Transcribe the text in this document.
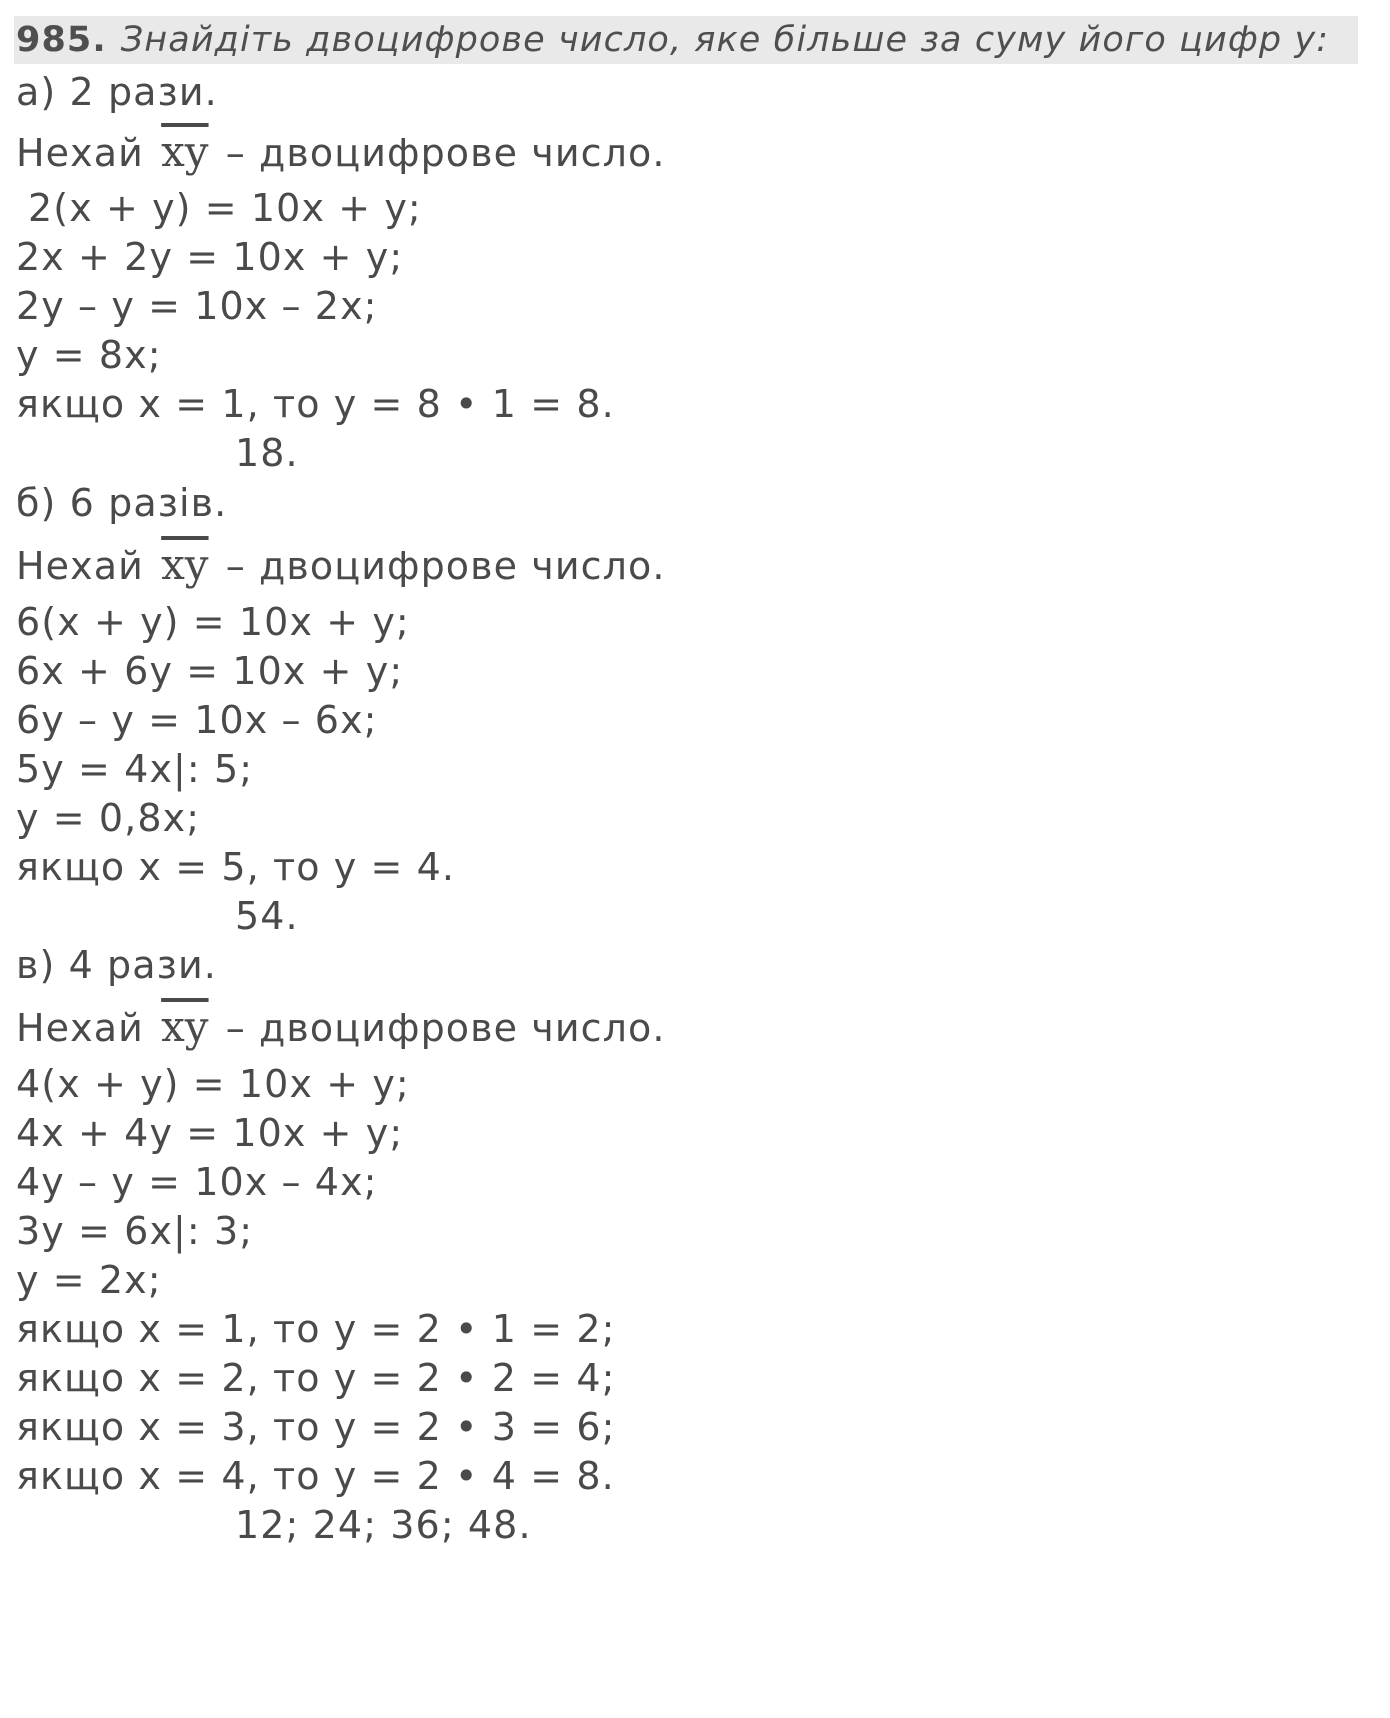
985. Знайдіть двоцифрове число, яке більше за суму його цифр у:
а) 2 рази.
Нехай $\overline{xy}$ – двоцифрове число.
2(x + y) = 10x + y;
2x + 2y = 10x + y;
2y – y = 10x – 2x;
y = 8x;
якщо x = 1, то y = 8 • 1 = 8.
18.
б) 6 разів.
Нехай $\overline{xy}$ – двоцифрове число.
6(x + y) = 10x + y;
6x + 6y = 10x + y;
6y – y = 10x – 6x;
5y = 4x|: 5;
y = 0,8x;
якщо x = 5, то y = 4.
54.
в) 4 рази.
Нехай $\overline{xy}$ – двоцифрове число.
4(x + y) = 10x + y;
4x + 4y = 10x + y;
4y – y = 10x – 4x;
3y = 6x|: 3;
y = 2x;
якщо x = 1, то y = 2 • 1 = 2;
якщо x = 2, то y = 2 • 2 = 4;
якщо x = 3, то y = 2 • 3 = 6;
якщо x = 4, то y = 2 • 4 = 8.
12; 24; 36; 48.
